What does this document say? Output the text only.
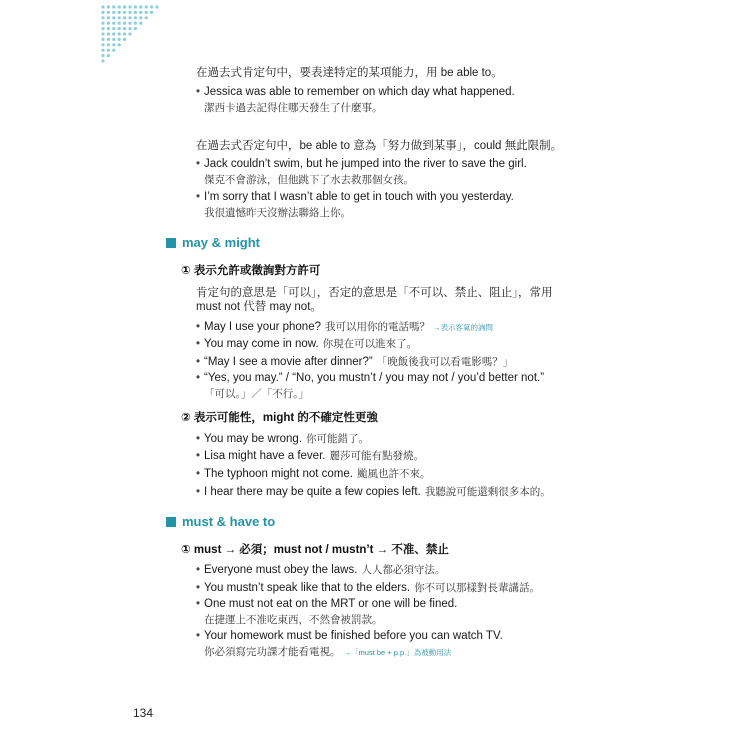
在過去式肯定句中，要表達特定的某項能力，用 be able to。
• Jessica was able to remember on which day what happened.
潔西卡過去記得住哪天發生了什麼事。
在過去式否定句中，be able to 意為「努力做到某事」，could 無此限制。
• Jack couldn’t swim, but he jumped into the river to save the girl.
傑克不會游泳，但他跳下了水去救那個女孩。
• I’m sorry that I wasn’t able to get in touch with you yesterday.
我很遺憾昨天沒辦法聯絡上你。
may & might
① 表示允許或徵詢對方許可
肯定句的意思是「可以」，否定的意思是「不可以、禁止、阻止」，常用
must not 代替 may not。
• May I use your phone? 我可以用你的電話嗎？ →表示客氣的詢問
• You may come in now. 你現在可以進來了。
• “May I see a movie after dinner?” 「晚飯後我可以看電影嗎？」
• “Yes, you may.” / “No, you mustn’t / you may not / you’d better not.”
「可以。」／「不行。」
② 表示可能性，might 的不確定性更強
• You may be wrong. 你可能錯了。
• Lisa might have a fever. 麗莎可能有點發燒。
• The typhoon might not come. 颱風也許不來。
• I hear there may be quite a few copies left. 我聽說可能還剩很多本的。
must & have to
① must → 必須；must not / mustn’t → 不准、禁止
• Everyone must obey the laws. 人人都必須守法。
• You mustn’t speak like that to the elders. 你不可以那樣對長輩講話。
• One must not eat on the MRT or one will be fined.
在捷運上不准吃東西，不然會被罰款。
• Your homework must be finished before you can watch TV.
你必須寫完功課才能看電視。 →「must be + p.p.」為被動用法
134
